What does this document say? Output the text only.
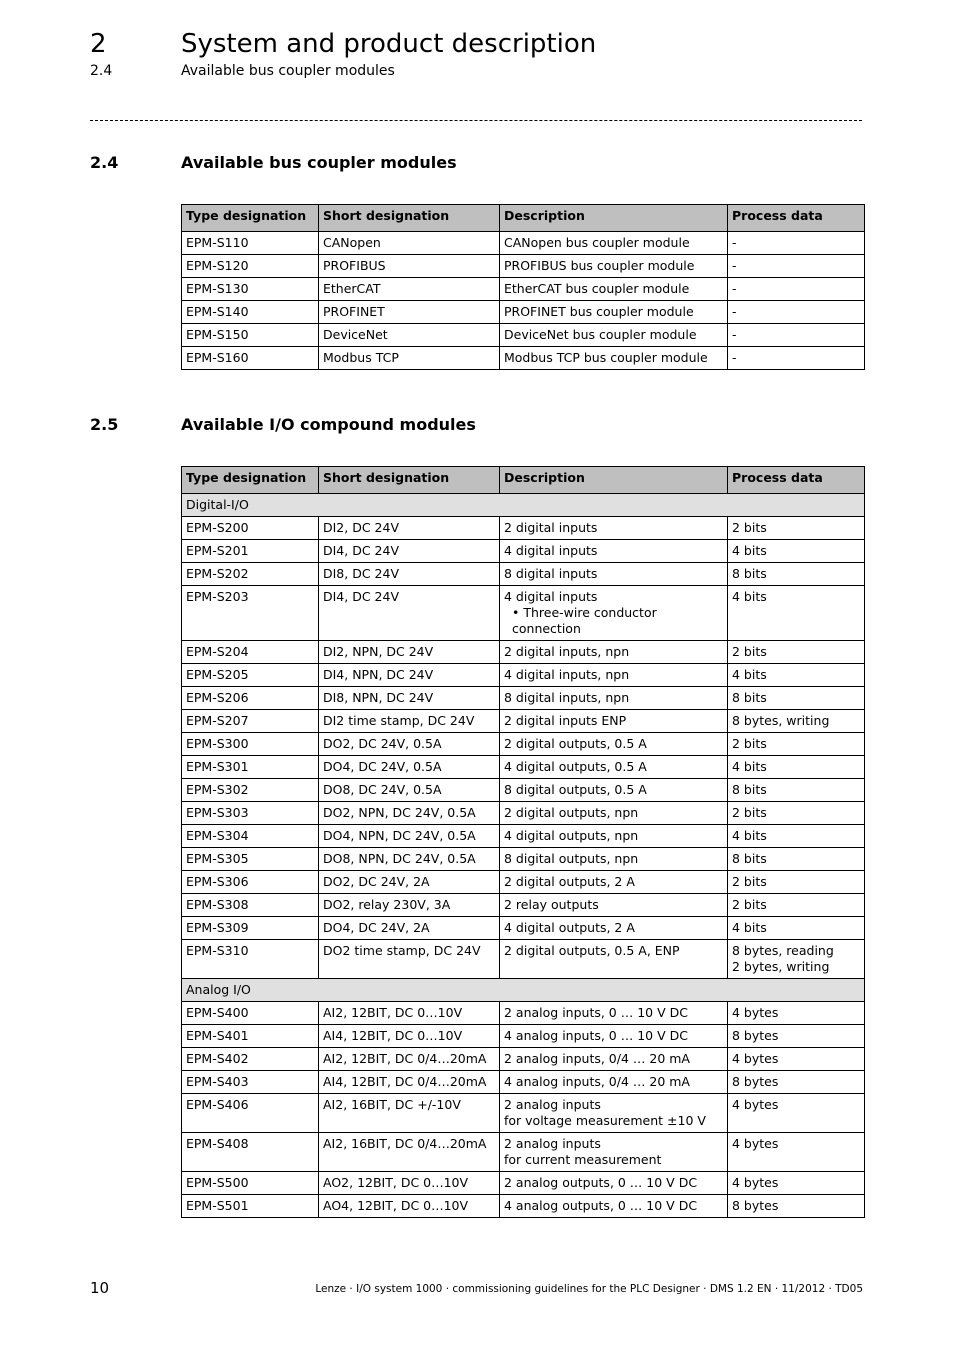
2	System and product description
2.4	Available bus coupler modules
2.4	Available bus coupler modules
Type designation	Short designation	Description	Process data
EPM-S110	CANopen	CANopen bus coupler module	-

EPM-S120	PROFIBUS	PROFIBUS bus coupler module	-

EPM-S130	EtherCAT	EtherCAT bus coupler module	-

EPM-S140	PROFINET	PROFINET bus coupler module	-

EPM-S150	DeviceNet	DeviceNet bus coupler module	-

EPM-S160	Modbus TCP	Modbus TCP bus coupler module	-
2.5	Available I/O compound modules
Type designation	Short designation	Description	Process data
Digital-I/O			
EPM-S200	DI2, DC 24V	2 digital inputs	2 bits

EPM-S201	DI4, DC 24V	4 digital inputs	4 bits

EPM-S202	DI8, DC 24V	8 digital inputs	8 bits

EPM-S203	DI4, DC 24V	4 digital inputs
• Three-wire conductor connection	4 bits

EPM-S204	DI2, NPN, DC 24V	2 digital inputs, npn	2 bits

EPM-S205	DI4, NPN, DC 24V	4 digital inputs, npn	4 bits

EPM-S206	DI8, NPN, DC 24V	8 digital inputs, npn	8 bits

EPM-S207	DI2 time stamp, DC 24V	2 digital inputs ENP	8 bytes, writing

EPM-S300	DO2, DC 24V, 0.5A	2 digital outputs, 0.5 A	2 bits

EPM-S301	DO4, DC 24V, 0.5A	4 digital outputs, 0.5 A	4 bits

EPM-S302	DO8, DC 24V, 0.5A	8 digital outputs, 0.5 A	8 bits

EPM-S303	DO2, NPN, DC 24V, 0.5A	2 digital outputs, npn	2 bits

EPM-S304	DO4, NPN, DC 24V, 0.5A	4 digital outputs, npn	4 bits

EPM-S305	DO8, NPN, DC 24V, 0.5A	8 digital outputs, npn	8 bits

EPM-S306	DO2, DC 24V, 2A	2 digital outputs, 2 A	2 bits

EPM-S308	DO2, relay 230V, 3A	2 relay outputs	2 bits

EPM-S309	DO4, DC 24V, 2A	4 digital outputs, 2 A	4 bits

EPM-S310	DO2 time stamp, DC 24V	2 digital outputs, 0.5 A, ENP	8 bytes, reading
2 bytes, writing

Analog I/O			
EPM-S400	AI2, 12BIT, DC 0…10V	2 analog inputs, 0 … 10 V DC	4 bytes

EPM-S401	AI4, 12BIT, DC 0…10V	4 analog inputs, 0 … 10 V DC	8 bytes

EPM-S402	AI2, 12BIT, DC 0/4…20mA	2 analog inputs, 0/4 … 20 mA	4 bytes

EPM-S403	AI4, 12BIT, DC 0/4…20mA	4 analog inputs, 0/4 … 20 mA	8 bytes

EPM-S406	AI2, 16BIT, DC +/-10V	2 analog inputs
for voltage measurement ±10 V	4 bytes

EPM-S408	AI2, 16BIT, DC 0/4…20mA	2 analog inputs
for current measurement	4 bytes

EPM-S500	AO2, 12BIT, DC 0…10V	2 analog outputs, 0 … 10 V DC	4 bytes

EPM-S501	AO4, 12BIT, DC 0…10V	4 analog outputs, 0 … 10 V DC	8 bytes
10	Lenze · I/O system 1000 · commissioning guidelines for the PLC Designer · DMS 1.2 EN · 11/2012 · TD05
